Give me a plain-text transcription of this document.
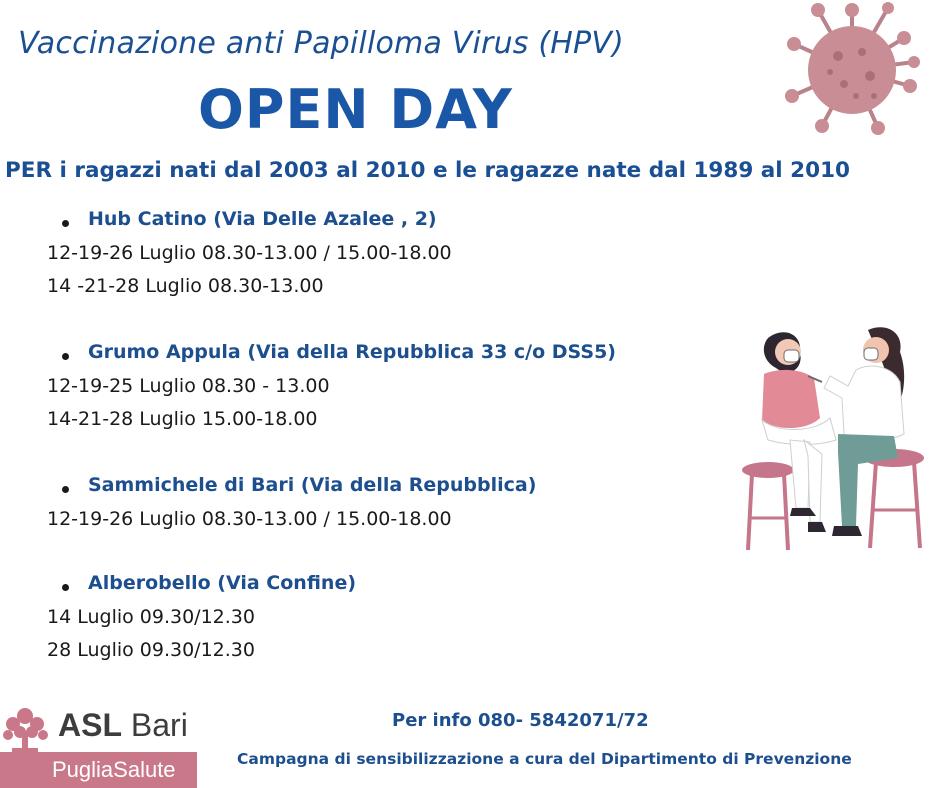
Vaccinazione anti Papilloma Virus (HPV)
OPEN DAY
PER i ragazzi nati dal 2003 al 2010 e le ragazze nate dal 1989 al 2010
Hub Catino (Via Delle Azalee , 2)
12-19-26 Luglio 08.30-13.00 / 15.00-18.00
14 -21-28 Luglio 08.30-13.00
Grumo Appula (Via della Repubblica 33 c/o DSS5)
12-19-25 Luglio 08.30 - 13.00
14-21-28 Luglio 15.00-18.00
Sammichele di Bari (Via della Repubblica)
12-19-26 Luglio 08.30-13.00 / 15.00-18.00
Alberobello (Via Confine)
14 Luglio 09.30/12.30
28 Luglio 09.30/12.30
ASL Bari
PugliaSalute
Per info 080- 5842071/72
Campagna di sensibilizzazione a cura del Dipartimento di Prevenzione
